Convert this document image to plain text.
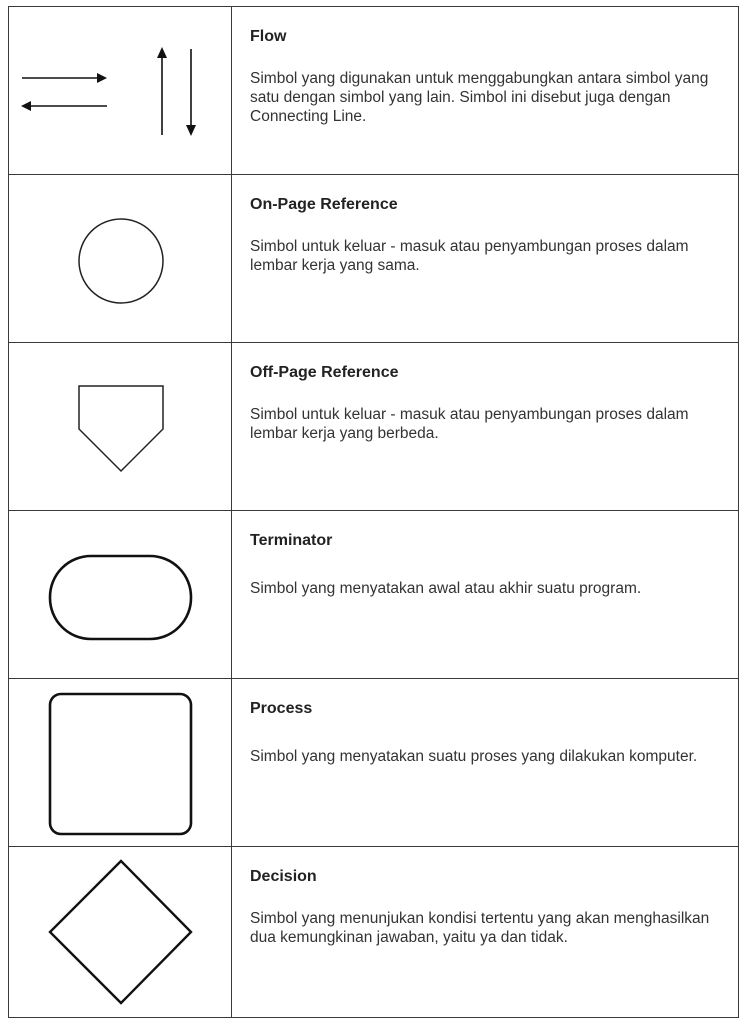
Flow

Simbol yang digunakan untuk menggabungkan antara simbol yang satu dengan simbol yang lain. Simbol ini disebut juga dengan Connecting Line.

On-Page Reference

Simbol untuk keluar - masuk atau penyambungan proses dalam lembar kerja yang sama.

Off-Page Reference

Simbol untuk keluar - masuk atau penyambungan proses dalam lembar kerja yang berbeda.

Terminator

Simbol yang menyatakan awal atau akhir suatu program.

Process

Simbol yang menyatakan suatu proses yang dilakukan komputer.

Decision

Simbol yang menunjukan kondisi tertentu yang akan menghasilkan dua kemungkinan jawaban, yaitu ya dan tidak.
